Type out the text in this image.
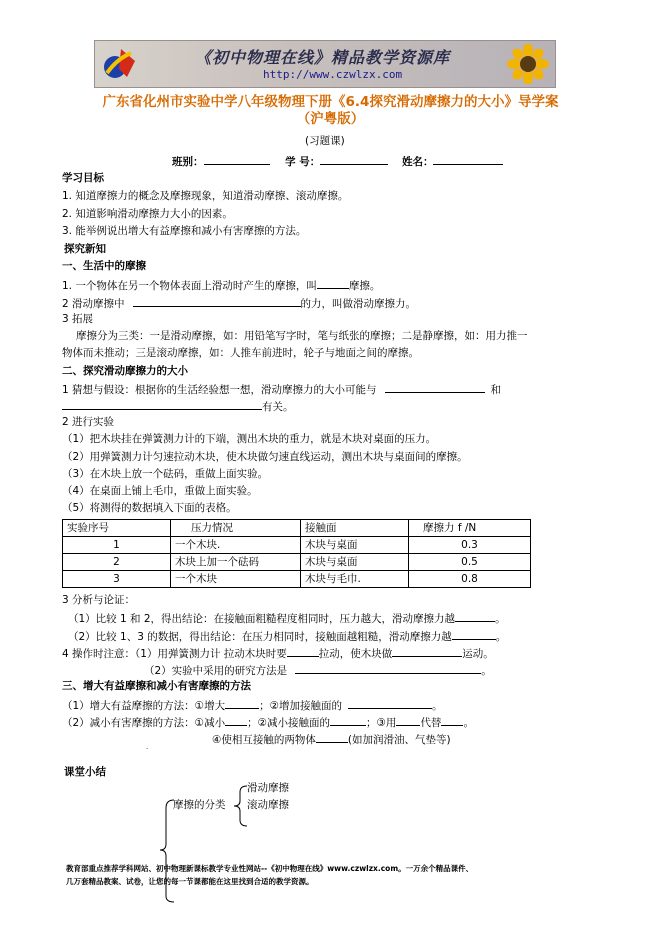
《初中物理在线》精品教学资源库
http://www.czwlzx.com
广东省化州市实验中学八年级物理下册《6.4探究滑动摩擦力的大小》导学案
（沪粤版）
(习题课)
班别：	学 号：	姓名：
学习目标
1. 知道摩擦力的概念及摩擦现象，知道滑动摩擦、滚动摩擦。
2. 知道影响滑动摩擦力大小的因素。
3. 能举例说出增大有益摩擦和减小有害摩擦的方法。
探究新知
一、生活中的摩擦
1. 一个物体在另一个物体表面上滑动时产生的摩擦，叫	摩擦。
2 滑动摩擦中	的力，叫做滑动摩擦力。
3 拓展
摩擦分为三类：一是滑动摩擦，如：用铅笔写字时，笔与纸张的摩擦；二是静摩擦，如：用力推一
物体而未推动；三是滚动摩擦，如：人推车前进时，轮子与地面之间的摩擦。
二、探究滑动摩擦力的大小
1 猜想与假设：根据你的生活经验想一想，滑动摩擦力的大小可能与	和
有关。
2 进行实验
（1）把木块挂在弹簧测力计的下端，测出木块的重力，就是木块对桌面的压力。
（2）用弹簧测力计匀速拉动木块，使木块做匀速直线运动，测出木块与桌面间的摩擦。
（3）在木块上放一个砝码，重做上面实验。
（4）在桌面上铺上毛巾，重做上面实验。
（5）将测得的数据填入下面的表格。
实验序号	压力情况	接触面	摩擦力 f /N
1	一个木块.	木块与桌面	0.3
2	木块上加一个砝码	木块与桌面	0.5
3	一个木块	木块与毛巾.	0.8
3 分析与论证：
（1）比较 1 和 2，得出结论：在接触面粗糙程度相同时，压力越大，滑动摩擦力越	。
（2）比较 1、3 的数据，得出结论：在压力相同时，接触面越粗糙，滑动摩擦力越	。
4 操作时注意：（1）用弹簧测力计 拉动木块时要	拉动，使木块做	运动。
（2）实验中采用的研究方法是	。
三、增大有益摩擦和减小有害摩擦的方法
（1）增大有益摩擦的方法：①增大	；②增加接触面的	。
（2）减小有害摩擦的方法：①减小 ；②减小接触面的	；③用 代替 。
.
④使相互接触的两物体	(如加润滑油、气垫等)
课堂小结
滑动摩擦
摩擦的分类 滚动摩擦
教育部重点推荐学科网站、初中物理新课标教学专业性网站--《初中物理在线》www.czwlzx.com。一万余个精品课件、
几万套精品教案、试卷，让您的每一节课都能在这里找到合适的教学资源。
